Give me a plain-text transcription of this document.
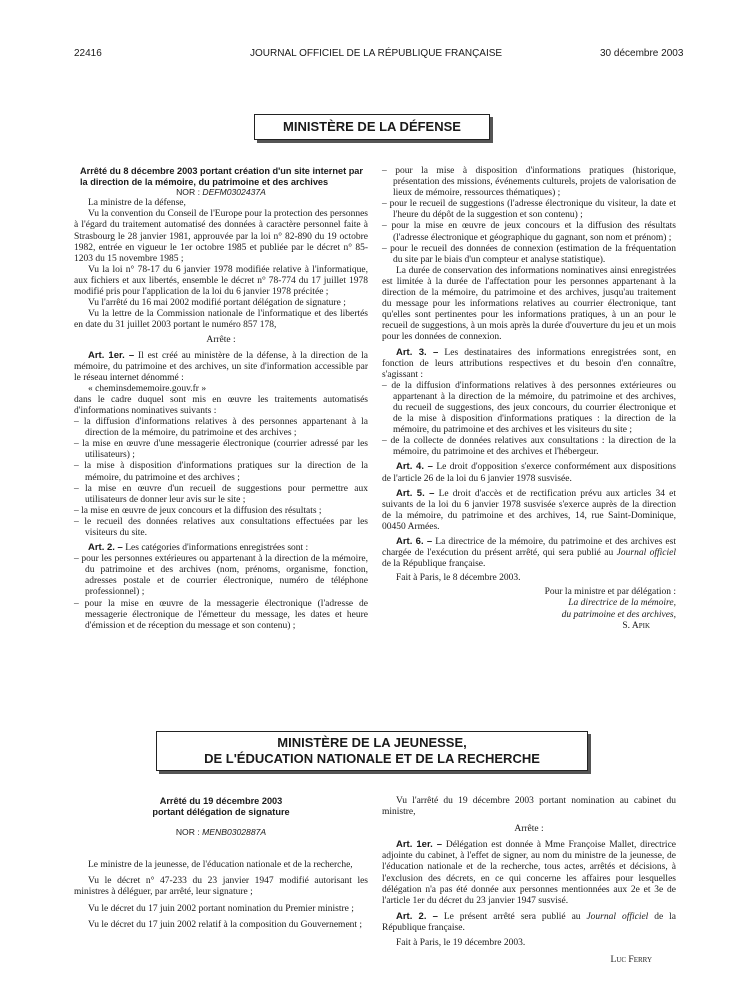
22416	JOURNAL OFFICIEL DE LA RÉPUBLIQUE FRANÇAISE	30 décembre 2003
MINISTÈRE DE LA DÉFENSE

Arrêté du 8 décembre 2003 portant création d'un site internet par la direction de la mémoire, du patrimoine et des archives

NOR : DEFM0302437A

La ministre de la défense,

Vu la convention du Conseil de l'Europe pour la protection des personnes à l'égard du traitement automatisé des données à caractère personnel faite à Strasbourg le 28 janvier 1981, approuvée par la loi n° 82-890 du 19 octobre 1982, entrée en vigueur le 1er octobre 1985 et publiée par le décret n° 85-1203 du 15 novembre 1985 ;

Vu la loi n° 78-17 du 6 janvier 1978 modifiée relative à l'informatique, aux fichiers et aux libertés, ensemble le décret n° 78-774 du 17 juillet 1978 modifié pris pour l'application de la loi du 6 janvier 1978 précitée ;

Vu l'arrêté du 16 mai 2002 modifié portant délégation de signature ;

Vu la lettre de la Commission nationale de l'informatique et des libertés en date du 31 juillet 2003 portant le numéro 857 178,

Arrête :

Art. 1er. – Il est créé au ministère de la défense, à la direction de la mémoire, du patrimoine et des archives, un site d'information accessible par le réseau internet dénommé :

« cheminsdememoire.gouv.fr »

dans le cadre duquel sont mis en œuvre les traitements automatisés d'informations nominatives suivants :

– la diffusion d'informations relatives à des personnes appartenant à la direction de la mémoire, du patrimoine et des archives ;

– la mise en œuvre d'une messagerie électronique (courrier adressé par les utilisateurs) ;

– la mise à disposition d'informations pratiques sur la direction de la mémoire, du patrimoine et des archives ;

– la mise en œuvre d'un recueil de suggestions pour permettre aux utilisateurs de donner leur avis sur le site ;

– la mise en œuvre de jeux concours et la diffusion des résultats ;

– le recueil des données relatives aux consultations effectuées par les visiteurs du site.

Art. 2. – Les catégories d'informations enregistrées sont :

– pour les personnes extérieures ou appartenant à la direction de la mémoire, du patrimoine et des archives (nom, prénoms, organisme, fonction, adresses postale et de courrier électronique, numéro de téléphone professionnel) ;

– pour la mise en œuvre de la messagerie électronique (l'adresse de messagerie électronique de l'émetteur du message, les dates et heure d'émission et de réception du message et son contenu) ;

– pour la mise à disposition d'informations pratiques (historique, présentation des missions, événements culturels, projets de valorisation de lieux de mémoire, ressources thématiques) ;

– pour le recueil de suggestions (l'adresse électronique du visiteur, la date et l'heure du dépôt de la suggestion et son contenu) ;

– pour la mise en œuvre de jeux concours et la diffusion des résultats (l'adresse électronique et géographique du gagnant, son nom et prénom) ;

– pour le recueil des données de connexion (estimation de la fréquentation du site par le biais d'un compteur et analyse statistique).

La durée de conservation des informations nominatives ainsi enregistrées est limitée à la durée de l'affectation pour les personnes appartenant à la direction de la mémoire, du patrimoine et des archives, jusqu'au traitement du message pour les informations relatives au courrier électronique, tant qu'elles sont pertinentes pour les informations pratiques, à un an pour le recueil de suggestions, à un mois après la durée d'ouverture du jeu et un mois pour les données de connexion.

Art. 3. – Les destinataires des informations enregistrées sont, en fonction de leurs attributions respectives et du besoin d'en connaître, s'agissant :

– de la diffusion d'informations relatives à des personnes extérieures ou appartenant à la direction de la mémoire, du patrimoine et des archives, du recueil de suggestions, des jeux concours, du courrier électronique et de la mise à disposition d'informations pratiques : la direction de la mémoire, du patrimoine et des archives et les visiteurs du site ;

– de la collecte de données relatives aux consultations : la direction de la mémoire, du patrimoine et des archives et l'hébergeur.

Art. 4. – Le droit d'opposition s'exerce conformément aux dispositions de l'article 26 de la loi du 6 janvier 1978 susvisée.

Art. 5. – Le droit d'accès et de rectification prévu aux articles 34 et suivants de la loi du 6 janvier 1978 susvisée s'exerce auprès de la direction de la mémoire, du patrimoine et des archives, 14, rue Saint-Dominique, 00450 Armées.

Art. 6. – La directrice de la mémoire, du patrimoine et des archives est chargée de l'exécution du présent arrêté, qui sera publié au Journal officiel de la République française.

Fait à Paris, le 8 décembre 2003.

Pour la ministre et par délégation :

La directrice de la mémoire,

du patrimoine et des archives,

S. Apik

MINISTÈRE DE LA JEUNESSE,
DE L'ÉDUCATION NATIONALE ET DE LA RECHERCHE

Arrêté du 19 décembre 2003

portant délégation de signature

NOR : MENB0302887A

Le ministre de la jeunesse, de l'éducation nationale et de la recherche,

Vu le décret n° 47-233 du 23 janvier 1947 modifié autorisant les ministres à déléguer, par arrêté, leur signature ;

Vu le décret du 17 juin 2002 portant nomination du Premier ministre ;

Vu le décret du 17 juin 2002 relatif à la composition du Gouvernement ;

Vu l'arrêté du 19 décembre 2003 portant nomination au cabinet du ministre,

Arrête :

Art. 1er. – Délégation est donnée à Mme Françoise Mallet, directrice adjointe du cabinet, à l'effet de signer, au nom du ministre de la jeunesse, de l'éducation nationale et de la recherche, tous actes, arrêtés et décisions, à l'exclusion des décrets, en ce qui concerne les affaires pour lesquelles délégation n'a pas été donnée aux personnes mentionnées aux 2e et 3e de l'article 1er du décret du 23 janvier 1947 susvisé.

Art. 2. – Le présent arrêté sera publié au Journal officiel de la République française.

Fait à Paris, le 19 décembre 2003.

Luc Ferry
